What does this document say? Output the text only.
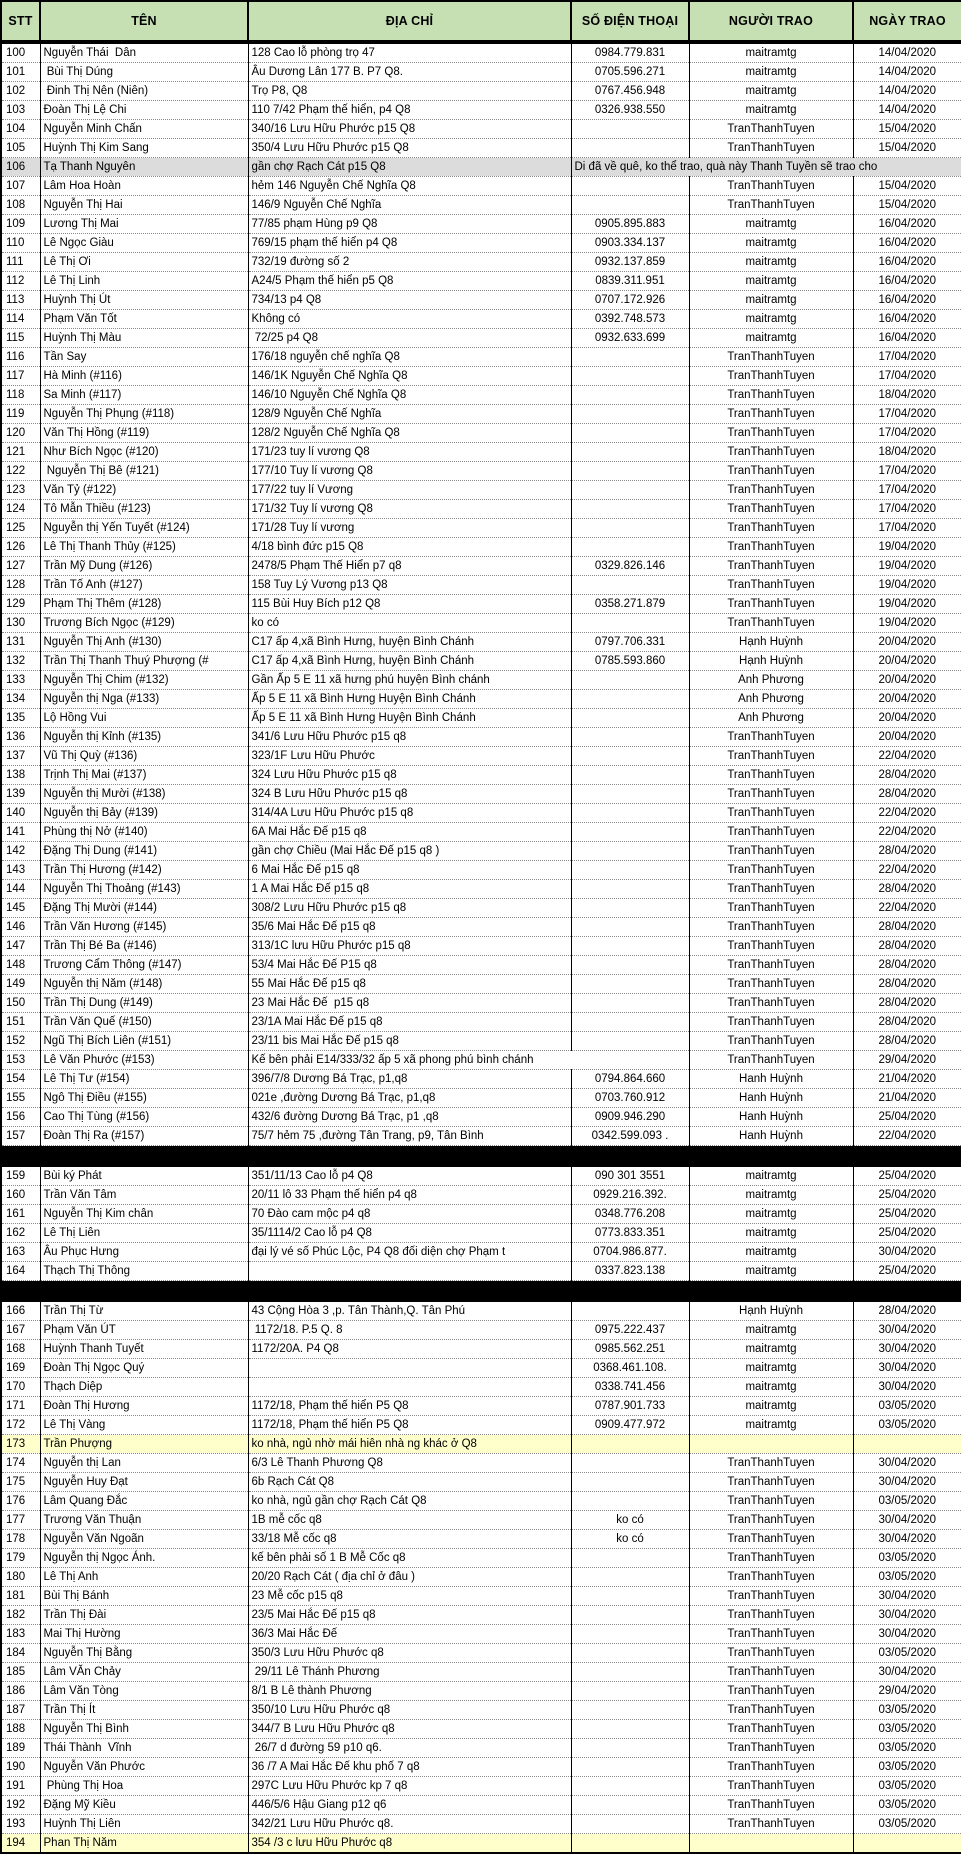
STT	TÊN	ĐỊA CHỈ	SỐ ĐIỆN THOẠI	NGƯỜI TRAO	NGÀY TRAO
100	Nguyễn Thái  Dân	128 Cao lỗ phòng trọ 47	0984.779.831	maitramtg	14/04/2020
101	Bùi Thị Dúng	Âu Dương Lân 177 B. P7 Q8.	0705.596.271	maitramtg	14/04/2020
102	Đinh Thị Nên (Niên)	Trọ P8, Q8	0767.456.948	maitramtg	14/04/2020
103	Đoàn Thị Lệ Chi	110 7/42 Phạm thế hiển, p4 Q8	0326.938.550	maitramtg	14/04/2020
104	Nguyễn Minh Chấn	340/16 Lưu Hữu Phước p15 Q8		TranThanhTuyen	15/04/2020
105	Huỳnh Thị Kim Sang	350/4 Lưu Hữu Phước p15 Q8		TranThanhTuyen	15/04/2020
106	Tạ Thanh Nguyên	gần chợ Rạch Cát p15 Q8	Di đã về quê, ko thể trao, quà này Thanh Tuyền sẽ trao cho		
107	Lâm Hoa Hoàn	hẻm 146 Nguyễn Chế Nghĩa Q8		TranThanhTuyen	15/04/2020
108	Nguyễn Thị Hai	146/9 Nguyễn Chế Nghĩa		TranThanhTuyen	15/04/2020
109	Lương Thị Mai	77/85 phạm Hùng p9 Q8	0905.895.883	maitramtg	16/04/2020
110	Lê Ngọc Giàu	769/15 phạm thế hiển p4 Q8	0903.334.137	maitramtg	16/04/2020
111	Lê Thị Ơi	732/19 đường số 2	0932.137.859	maitramtg	16/04/2020
112	Lê Thị Linh	A24/5 Phạm thế hiển p5 Q8	0839.311.951	maitramtg	16/04/2020
113	Huỳnh Thị Út	734/13 p4 Q8	0707.172.926	maitramtg	16/04/2020
114	Phạm Văn Tốt	Không có	0392.748.573	maitramtg	16/04/2020
115	Huỳnh Thị Màu	72/25 p4 Q8	0932.633.699	maitramtg	16/04/2020
116	Tần Say	176/18 nguyễn chế nghĩa Q8		TranThanhTuyen	17/04/2020
117	Hà Minh (#116)	146/1K Nguyễn Chế Nghĩa Q8		TranThanhTuyen	17/04/2020
118	Sa Minh (#117)	146/10 Nguyễn Chế Nghĩa Q8		TranThanhTuyen	18/04/2020
119	Nguyễn Thị Phụng (#118)	128/9 Nguyễn Chế Nghĩa		TranThanhTuyen	17/04/2020
120	Văn Thị Hồng (#119)	128/2 Nguyễn Chế Nghĩa Q8		TranThanhTuyen	17/04/2020
121	Như Bích Ngọc (#120)	171/23 tuy lí vương Q8		TranThanhTuyen	18/04/2020
122	Nguyễn Thị Bê (#121)	177/10 Tuy lí vương Q8		TranThanhTuyen	17/04/2020
123	Văn Tỷ (#122)	177/22 tuy lí Vương		TranThanhTuyen	17/04/2020
124	Tô Mẫn Thiều (#123)	171/32 Tuy lí vương Q8		TranThanhTuyen	17/04/2020
125	Nguyễn thị Yến Tuyết (#124)	171/28 Tuy lí vương		TranThanhTuyen	17/04/2020
126	Lê Thị Thanh Thủy (#125)	4/18 bình đức p15 Q8		TranThanhTuyen	19/04/2020
127	Trần Mỹ Dung (#126)	2478/5 Phạm Thế Hiển p7 q8	0329.826.146	TranThanhTuyen	19/04/2020
128	Trần Tố Anh (#127)	158 Tuy Lý Vương p13 Q8		TranThanhTuyen	19/04/2020
129	Phạm Thị Thêm (#128)	115 Bùi Huy Bích p12 Q8	0358.271.879	TranThanhTuyen	19/04/2020
130	Trương Bích Ngọc (#129)	ko có		TranThanhTuyen	19/04/2020
131	Nguyễn Thị Anh (#130)	C17 ấp 4,xã Bình Hưng, huyện Bình Chánh	0797.706.331	Hạnh Huỳnh	20/04/2020
132	Trần Thị Thanh Thuý Phượng (#	C17 ấp 4,xã Bình Hưng, huyện Bình Chánh	0785.593.860	Hạnh Huỳnh	20/04/2020
133	Nguyễn Thị Chim (#132)	Gần Ấp 5 E 11 xã hưng phú huyện Bình chánh		Anh Phương	20/04/2020
134	Nguyễn thị Nga (#133)	Ấp 5 E 11 xã Bình Hưng Huyện Bình Chánh		Anh Phương	20/04/2020
135	Lộ Hồng Vui	Ấp 5 E 11 xã Bình Hưng Huyện Bình Chánh		Anh Phương	20/04/2020
136	Nguyễn thị Kỉnh (#135)	341/6 Lưu Hữu Phước p15 q8		TranThanhTuyen	20/04/2020
137	Vũ Thị Quỳ (#136)	323/1F Lưu Hữu Phước		TranThanhTuyen	22/04/2020
138	Trịnh Thị Mai (#137)	324 Lưu Hữu Phước p15 q8		TranThanhTuyen	28/04/2020
139	Nguyễn thị Mười (#138)	324 B Lưu Hữu Phước p15 q8		TranThanhTuyen	28/04/2020
140	Nguyễn thị Bảy (#139)	314/4A Lưu Hữu Phước p15 q8		TranThanhTuyen	22/04/2020
141	Phùng thị Nở (#140)	6A Mai Hắc Đế p15 q8		TranThanhTuyen	22/04/2020
142	Đặng Thị Dung (#141)	gần chợ Chiều (Mai Hắc Đế p15 q8 )		TranThanhTuyen	28/04/2020
143	Trần Thị Hương (#142)	6 Mai Hắc Đế p15 q8		TranThanhTuyen	22/04/2020
144	Nguyễn Thị Thoảng (#143)	1 A Mai Hắc Đế p15 q8		TranThanhTuyen	28/04/2020
145	Đặng Thị Mười (#144)	308/2 Lưu Hữu Phước p15 q8		TranThanhTuyen	22/04/2020
146	Trần Văn Hương (#145)	35/6 Mai Hắc Đế p15 q8		TranThanhTuyen	28/04/2020
147	Trần Thị Bé Ba (#146)	313/1C lưu Hữu Phước p15 q8		TranThanhTuyen	28/04/2020
148	Trương Cẩm Thông (#147)	53/4 Mai Hắc Đế P15 q8		TranThanhTuyen	28/04/2020
149	Nguyễn thị Năm (#148)	55 Mai Hắc Đế p15 q8		TranThanhTuyen	28/04/2020
150	Trần Thị Dung (#149)	23 Mai Hắc Đế  p15 q8		TranThanhTuyen	28/04/2020
151	Trần Văn Quế (#150)	23/1A Mai Hắc Đế p15 q8		TranThanhTuyen	28/04/2020
152	Ngũ Thị Bích Liên (#151)	23/11 bis Mai Hắc Đế p15 q8		TranThanhTuyen	28/04/2020
153	Lê Văn Phước (#153)	Kế bên phải E14/333/32 ấp 5 xã phong phú bình chánh		TranThanhTuyen	29/04/2020
154	Lê Thị Tư (#154)	396/7/8 Dương Bá Trạc, p1,q8	0794.864.660	Hanh Huỳnh	21/04/2020
155	Ngô Thị Điều (#155)	021e ,đường Dương Bá Trạc, p1,q8	0703.760.912	Hanh Huỳnh	21/04/2020
156	Cao Thị Tùng (#156)	432/6 đường Dương Bá Trạc, p1 ,q8	0909.946.290	Hanh Huỳnh	25/04/2020
157	Đoàn Thị Ra (#157)	75/7 hẻm 75 ,đường Tân Trang, p9, Tân Bình	0342.599.093 .	Hanh Huỳnh	22/04/2020

159	Bùi ký Phát	351/11/13 Cao lỗ p4 Q8	090 301 3551	maitramtg	25/04/2020
160	Trần Văn Tâm	20/11 lô 33 Phạm thế hiển p4 q8	0929.216.392.	maitramtg	25/04/2020
161	Nguyễn Thị Kim chân	70 Đào cam mộc p4 q8	0348.776.208	maitramtg	25/04/2020
162	Lê Thị Liên	35/1114/2 Cao lỗ p4 Q8	0773.833.351	maitramtg	25/04/2020
163	Âu Phục Hưng	đại lý vé số Phúc Lộc, P4 Q8 đối diện chợ Phạm t	0704.986.877.	maitramtg	30/04/2020
164	Thạch Thị Thông		0337.823.138	maitramtg	25/04/2020

166	Trần Thị Từ	43 Cộng Hòa 3 ,p. Tân Thành,Q. Tân Phú		Hạnh Huỳnh	28/04/2020
167	Phạm Văn ÚT	1172/18. P.5 Q. 8	0975.222.437	maitramtg	30/04/2020
168	Huỳnh Thanh Tuyết	1172/20A. P4 Q8	0985.562.251	maitramtg	30/04/2020
169	Đoàn Thị Ngọc Quý		0368.461.108.	maitramtg	30/04/2020
170	Thạch Diệp		0338.741.456	maitramtg	30/04/2020
171	Đoàn Thị Hương	1172/18, Phạm thế hiển P5 Q8	0787.901.733	maitramtg	03/05/2020
172	Lê Thị Vàng	1172/18, Phạm thế hiển P5 Q8	0909.477.972	maitramtg	03/05/2020
173	Trần Phượng	ko nhà, ngủ nhờ mái hiên nhà ng khác ở Q8			
174	Nguyễn thị Lan	6/3 Lê Thanh Phương Q8		TranThanhTuyen	30/04/2020
175	Nguyễn Huy Đạt	6b Rạch Cát Q8		TranThanhTuyen	30/04/2020
176	Lâm Quang Đắc	ko nhà, ngủ gần chợ Rạch Cát Q8		TranThanhTuyen	03/05/2020
177	Trương Văn Thuận	1B mễ cốc q8	ko có	TranThanhTuyen	30/04/2020
178	Nguyễn Văn Ngoãn	33/18 Mễ cốc q8	ko có	TranThanhTuyen	30/04/2020
179	Nguyễn thị Ngọc Ánh.	kế bên phải số 1 B Mễ Cốc q8		TranThanhTuyen	03/05/2020
180	Lê Thị Anh	20/20 Rạch Cát ( địa chỉ ở đâu )		TranThanhTuyen	03/05/2020
181	Bùi Thị Bánh	23 Mễ cốc p15 q8		TranThanhTuyen	30/04/2020
182	Trần Thị Đài	23/5 Mai Hắc Đế p15 q8		TranThanhTuyen	30/04/2020
183	Mai Thị Hường	36/3 Mai Hắc Đế		TranThanhTuyen	30/04/2020
184	Nguyễn Thị Bằng	350/3 Lưu Hữu Phước q8		TranThanhTuyen	03/05/2020
185	Lâm VĂn Chảy	29/11 Lê Thánh Phương		TranThanhTuyen	30/04/2020
186	Lâm Văn Tòng	8/1 B Lê thành Phương		TranThanhTuyen	29/04/2020
187	Trần Thị Ít	350/10 Lưu Hữu Phước q8		TranThanhTuyen	03/05/2020
188	Nguyễn Thị Bình	344/7 B Lưu Hữu Phước q8		TranThanhTuyen	03/05/2020
189	Thái Thành  Vĩnh	26/7 d đường 59 p10 q6.		TranThanhTuyen	03/05/2020
190	Nguyễn Văn Phước	36 /7 A Mai Hắc Đế khu phố 7 q8		TranThanhTuyen	03/05/2020
191	Phùng Thị Hoa	297C Lưu Hữu Phước kp 7 q8		TranThanhTuyen	03/05/2020
192	Đặng Mỹ Kiều	446/5/6 Hậu Giang p12 q6		TranThanhTuyen	03/05/2020
193	Huỳnh Thị Liên	342/21 Lưu Hữu Phước q8.		TranThanhTuyen	03/05/2020
194	Phan Thị Năm	354 /3 c lưu Hữu Phước q8			
